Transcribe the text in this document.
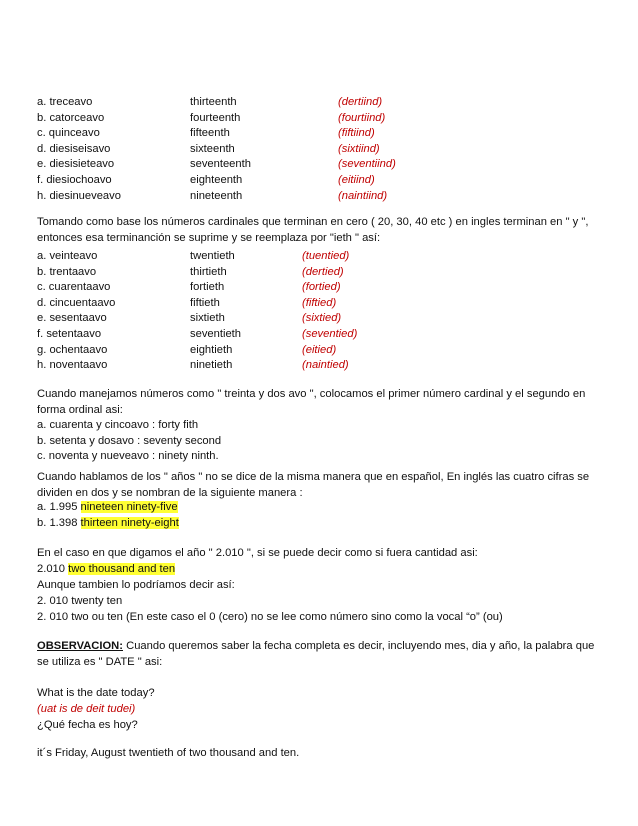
a. treceavo	thirteenth	(dertiind)
b. catorceavo	fourteenth	(fourtiind)
c. quinceavo	fifteenth	(fiftiind)
d. diesiseisavo	sixteenth	(sixtiind)
e. diesisieteavo	seventeenth	(seventiind)
f. diesiochoavo	eighteenth	(eitiind)
h. diesinueveavo	nineteenth	(naintiind)
Tomando como base los números cardinales que terminan en cero ( 20, 30, 40 etc ) en ingles terminan en " y ", entonces esa terminanción se suprime y se reemplaza por "ieth " así:
a. veinteavo	twentieth	(tuentied)
b. trentaavo	thirtieth	(dertied)
c. cuarentaavo	fortieth	(fortied)
d. cincuentaavo	fiftieth	(fiftied)
e. sesentaavo	sixtieth	(sixtied)
f. setentaavo	seventieth	(seventied)
g. ochentaavo	eightieth	(eitied)
h. noventaavo	ninetieth	(naintied)
Cuando manejamos números como " treinta y dos avo ", colocamos el primer número cardinal y el segundo en forma ordinal asi:
a. cuarenta y cincoavo : forty fith
b. setenta y dosavo : seventy second
c. noventa y nueveavo : ninety ninth.
Cuando hablamos de los " años " no se dice de la misma manera que en español, En inglés las cuatro cifras se dividen en dos y se nombran de la siguiente manera :
a. 1.995 nineteen ninety-five
b. 1.398 thirteen ninety-eight
En el caso en que digamos el año " 2.010 ", si se puede decir como si fuera cantidad asi:
2.010 two thousand and ten
Aunque tambien lo podríamos decir así:
2. 010 twenty ten
2. 010 two ou ten (En este caso el 0 (cero) no se lee como número sino como la vocal “o” (ou)
OBSERVACION: Cuando queremos saber la fecha completa es decir, incluyendo mes, dia y año, la palabra que se utiliza es " DATE " asi:
What is the date today?
(uat is de deit tudei)
¿Qué fecha es hoy?
it´s Friday, August twentieth of two thousand and ten.
